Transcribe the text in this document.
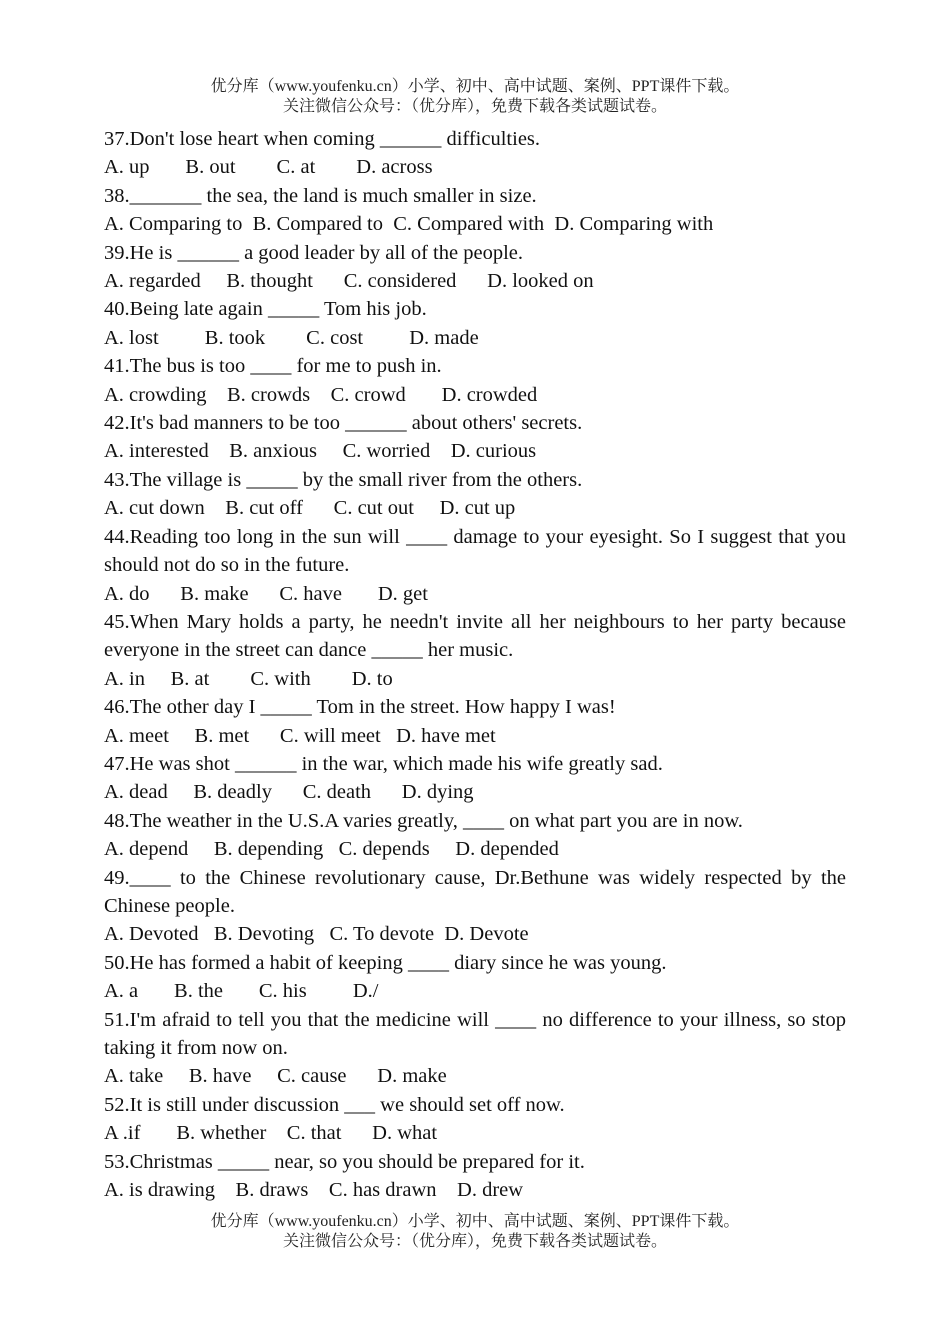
优分库（www.youfenku.cn）小学、初中、高中试题、案例、PPT课件下载。
关注微信公众号：（优分库），免费下载各类试题试卷。

37.Don't lose heart when coming ______ difficulties.

A. up       B. out        C. at        D. across

38._______ the sea, the land is much smaller in size.

A. Comparing to  B. Compared to  C. Compared with  D. Comparing with

39.He is ______ a good leader by all of the people.

A. regarded     B. thought      C. considered      D. looked on

40.Being late again _____ Tom his job.

A. lost         B. took        C. cost         D. made

41.The bus is too ____ for me to push in.

A. crowding    B. crowds    C. crowd       D. crowded

42.It's bad manners to be too ______ about others' secrets.

A. interested    B. anxious     C. worried    D. curious

43.The village is _____ by the small river from the others.

A. cut down    B. cut off      C. cut out     D. cut up

44.Reading too long in the sun will ____ damage to your eyesight. So I suggest that you should not do so in the future.

A. do      B. make      C. have       D. get

45.When Mary holds a party, he needn't invite all her neighbours to her party because everyone in the street can dance _____ her music.

A. in     B. at        C. with        D. to

46.The other day I _____ Tom in the street. How happy I was!

A. meet     B. met      C. will meet   D. have met

47.He was shot ______ in the war, which made his wife greatly sad.

A. dead     B. deadly      C. death      D. dying

48.The weather in the U.S.A varies greatly, ____ on what part you are in now.

A. depend     B. depending   C. depends     D. depended

49.____ to the Chinese revolutionary cause, Dr.Bethune was widely respected by the Chinese people.

A. Devoted   B. Devoting   C. To devote  D. Devote

50.He has formed a habit of keeping ____ diary since he was young.

A. a       B. the       C. his         D./

51.I'm afraid to tell you that the medicine will ____ no difference to your illness, so stop taking it from now on.

A. take     B. have     C. cause      D. make

52.It is still under discussion ___ we should set off now.

A .if       B. whether    C. that      D. what

53.Christmas _____ near, so you should be prepared for it.

A. is drawing    B. draws    C. has drawn    D. drew

优分库（www.youfenku.cn）小学、初中、高中试题、案例、PPT课件下载。
关注微信公众号：（优分库），免费下载各类试题试卷。
